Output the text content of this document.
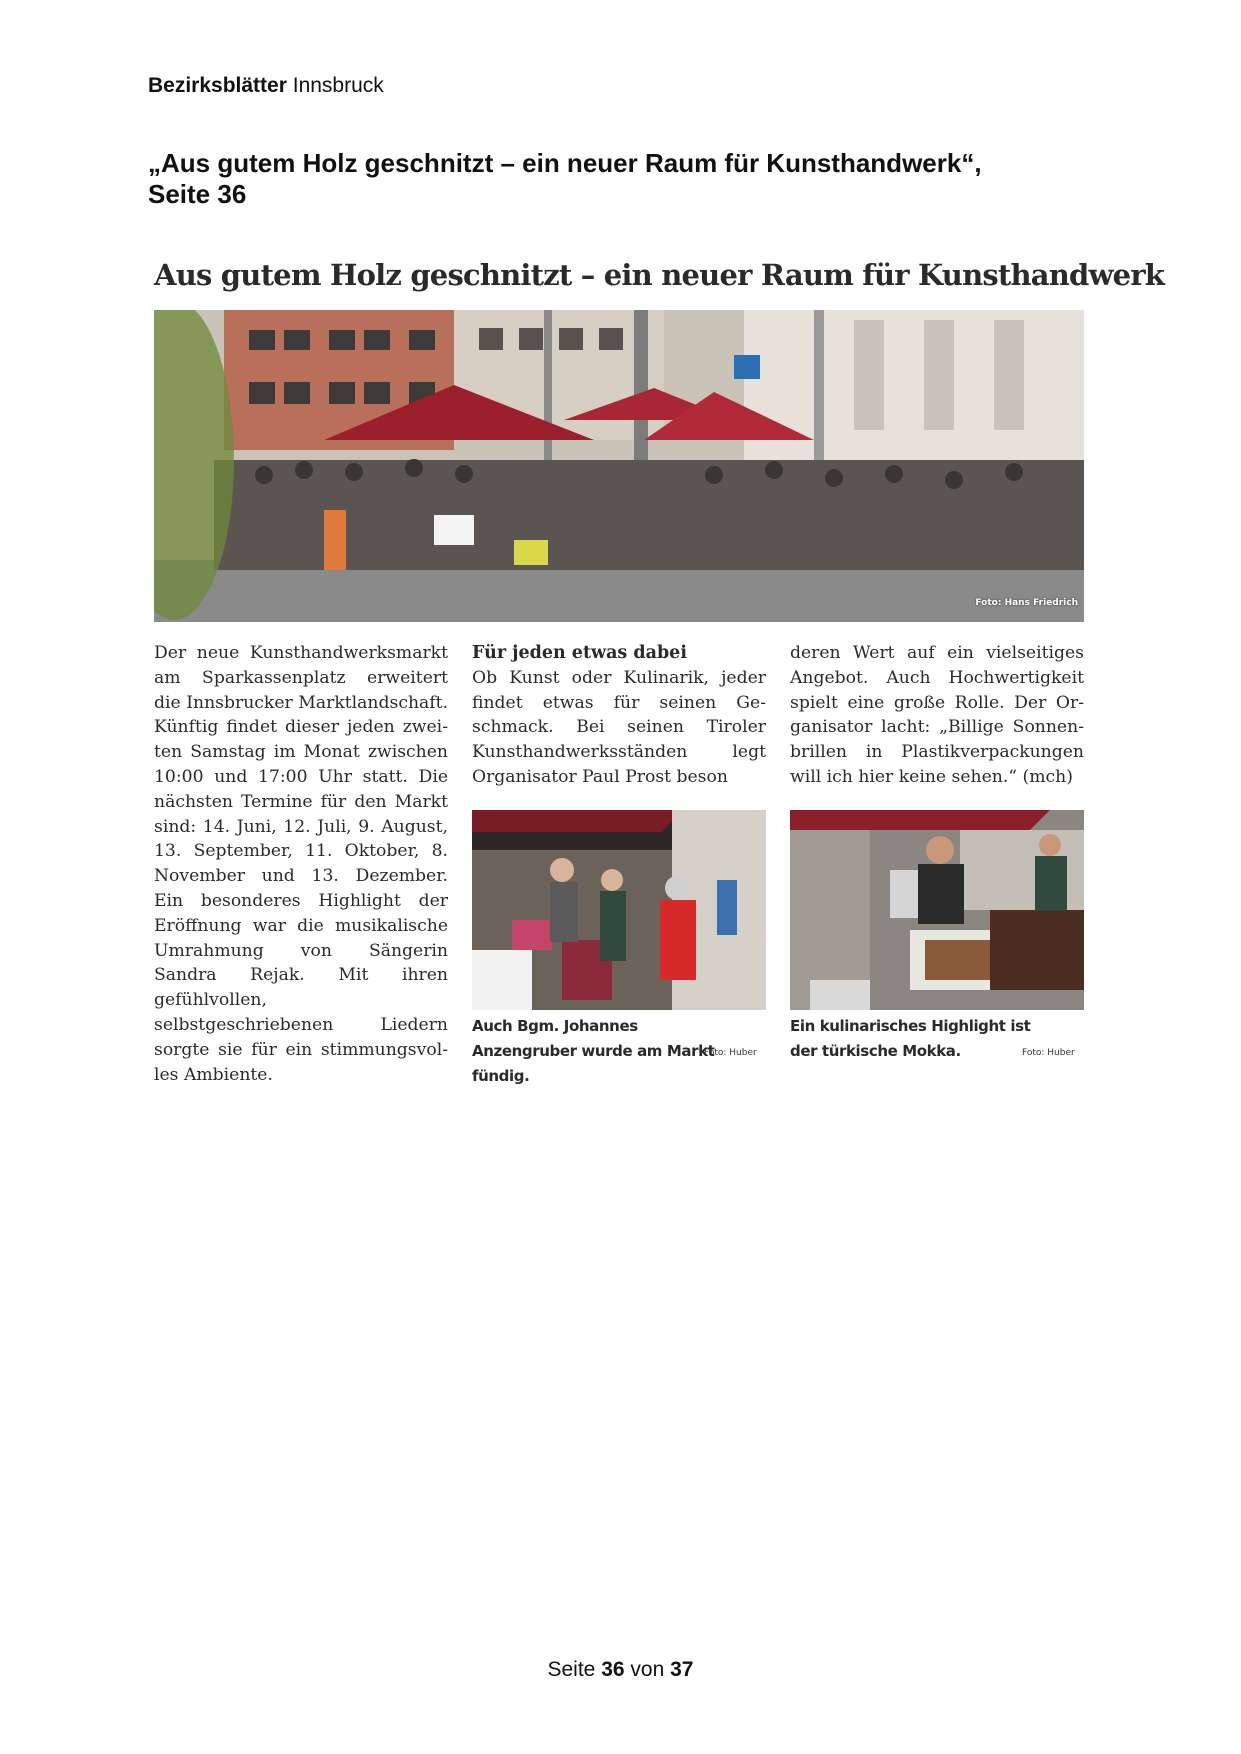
Bezirksblätter Innsbruck
„Aus gutem Holz geschnitzt – ein neuer Raum für Kunsthandwerk“,
Seite 36
Aus gutem Holz geschnitzt – ein neuer Raum für Kunsthandwerk
Foto: Hans Friedrich

Der neue Kunsthandwerksmarkt am Sparkassenplatz erweitert die Innsbrucker Marktlandschaft. Künftig findet dieser jeden zweiten Samstag im Monat zwischen 10:00 und 17:00 Uhr statt. Die nächsten Termine für den Markt sind: 14. Juni, 12. Juli, 9. August, 13. September, 11. Oktober, 8. November und 13. Dezember. Ein besonderes Highlight der Eröffnung war die musikalische Umrahmung von Sängerin Sandra Rejak. Mit ihren gefühlvollen, selbstgeschriebenen Liedern sorgte sie für ein stimmungsvolles Ambiente.

Für jeden etwas dabei

Ob Kunst oder Kulinarik, jeder findet etwas für seinen Geschmack. Bei seinen Tiroler Kunsthandwerksständen legt Organisator Paul Prost beson

deren Wert auf ein vielseitiges Angebot. Auch Hochwertigkeit spielt eine große Rolle. Der Organisator lacht: „Billige Sonnenbrillen in Plastikverpackungen will ich hier keine sehen.“ (mch)

Auch Bgm. Johannes Anzengruber wurde am Markt fündig.
Foto: Huber
Ein kulinarisches Highlight ist der türkische Mokka.	Foto: Huber
Seite 36 von 37
